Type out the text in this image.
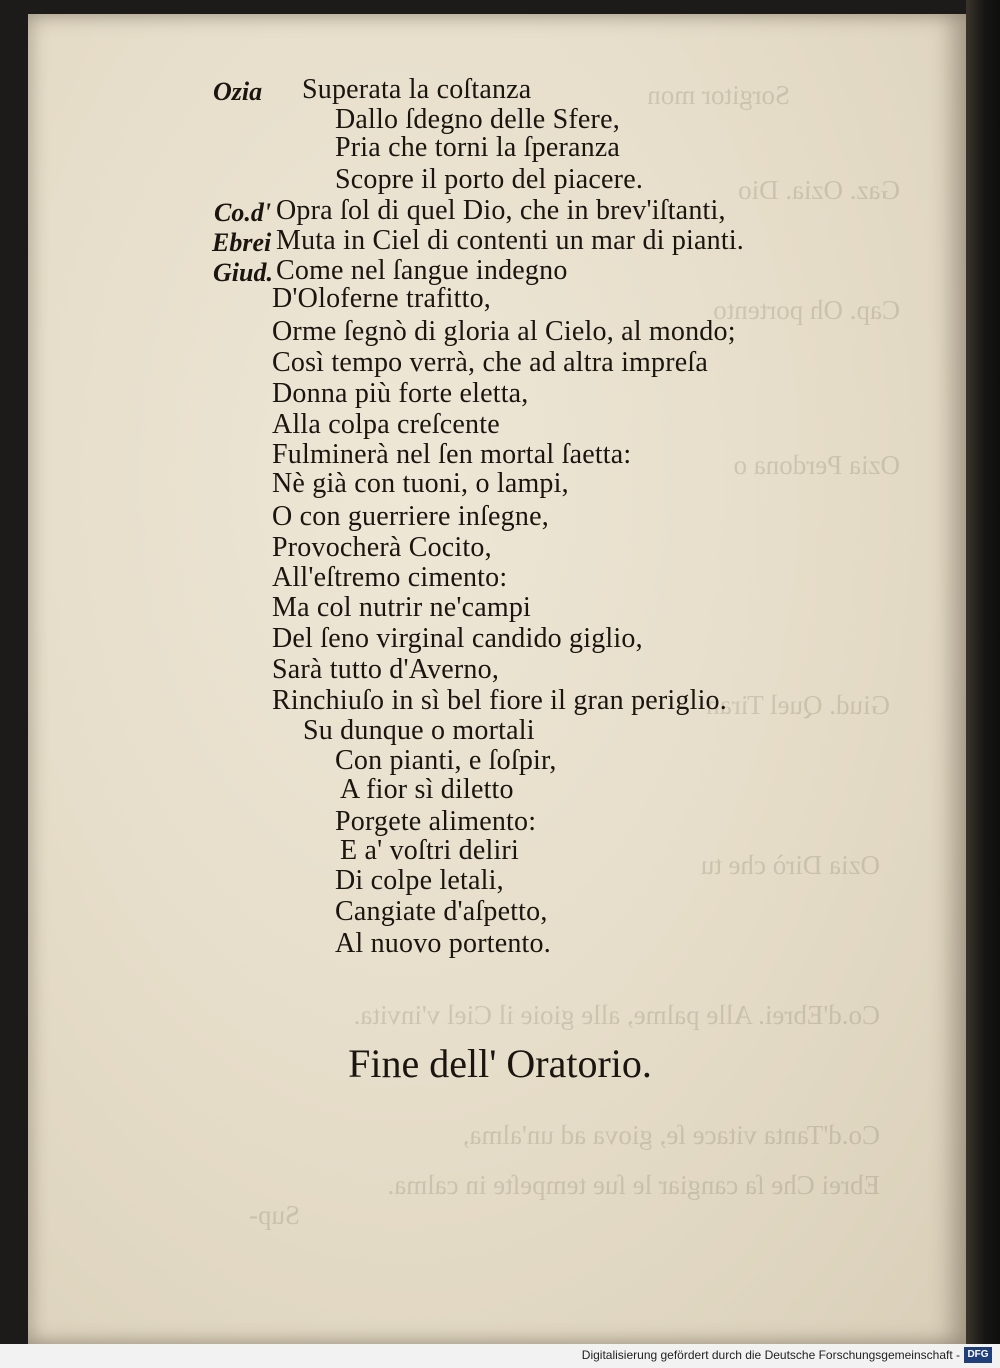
Sorgitor mon
Gaz. Ozia. Dio
Cap. Oh portento
Ozia Perdona o
Giud. Quel Tiran
Ozia Dirò che tu
Co.d'Ebrei. Alle palme, alle gioie il Ciel v'invita.
Co.d'Tanta vitace ſe, giova ad un'alma,
Ebrei Che ſa cangiar le ſue tempeſte in calma.
Sup-
Ozia Superata la coſtanza
Dallo ſdegno delle Sfere,
Pria che torni la ſperanza
Scopre il porto del piacere.
Co.d' Opra ſol di quel Dio, che in brev'iſtanti,
Ebrei Muta in Ciel di contenti un mar di pianti.
Giud. Come nel ſangue indegno
D'Oloferne trafitto,
Orme ſegnò di gloria al Cielo, al mondo;
Così tempo verrà, che ad altra impreſa
Donna più forte eletta,
Alla colpa creſcente
Fulminerà nel ſen mortal ſaetta:
Nè già con tuoni, o lampi,
O con guerriere inſegne,
Provocherà Cocito,
All'eſtremo cimento:
Ma col nutrir ne'campi
Del ſeno virginal candido giglio,
Sarà tutto d'Averno,
Rinchiuſo in sì bel fiore il gran periglio.
Su dunque o mortali
Con pianti, e ſoſpir,
A fior sì diletto
Porgete alimento:
E a' voſtri deliri
Di colpe letali,
Cangiate d'aſpetto,
Al nuovo portento.
Fine dell' Oratorio.
Digitalisierung gefördert durch die Deutsche Forschungsgemeinschaft - DFG
